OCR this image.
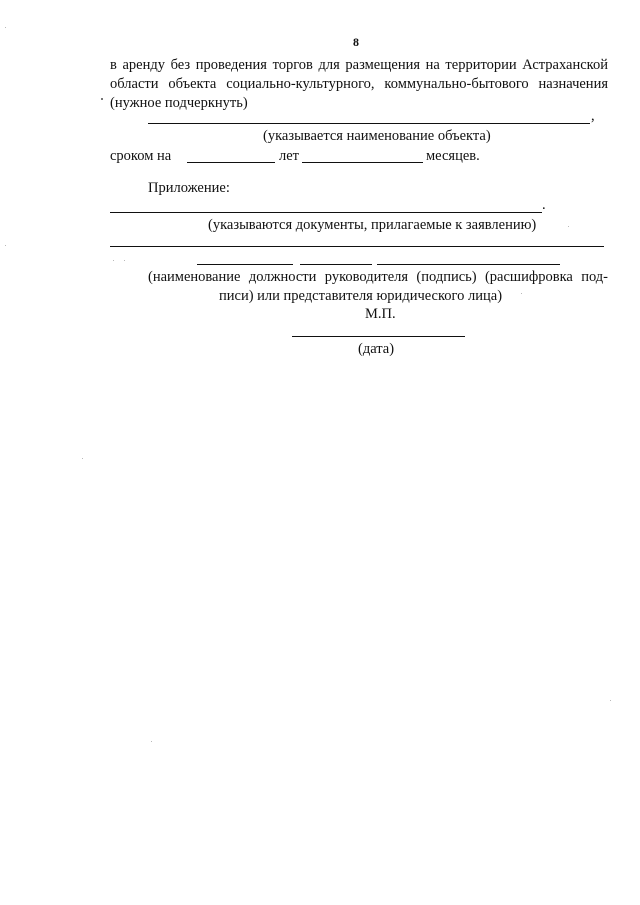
8
в аренду без проведения торгов для размещения на территории Астраханской
области объекта социально-культурного, коммунально-бытового назначения
(нужное подчеркнуть)
,
(указывается наименование объекта)
сроком на	лет	месяцев.
Приложение:
.
(указываются документы, прилагаемые к заявлению)
(наименование должности руководителя (подпись) (расшифровка под-
писи) или представителя юридического лица)
М.П.
(дата)
